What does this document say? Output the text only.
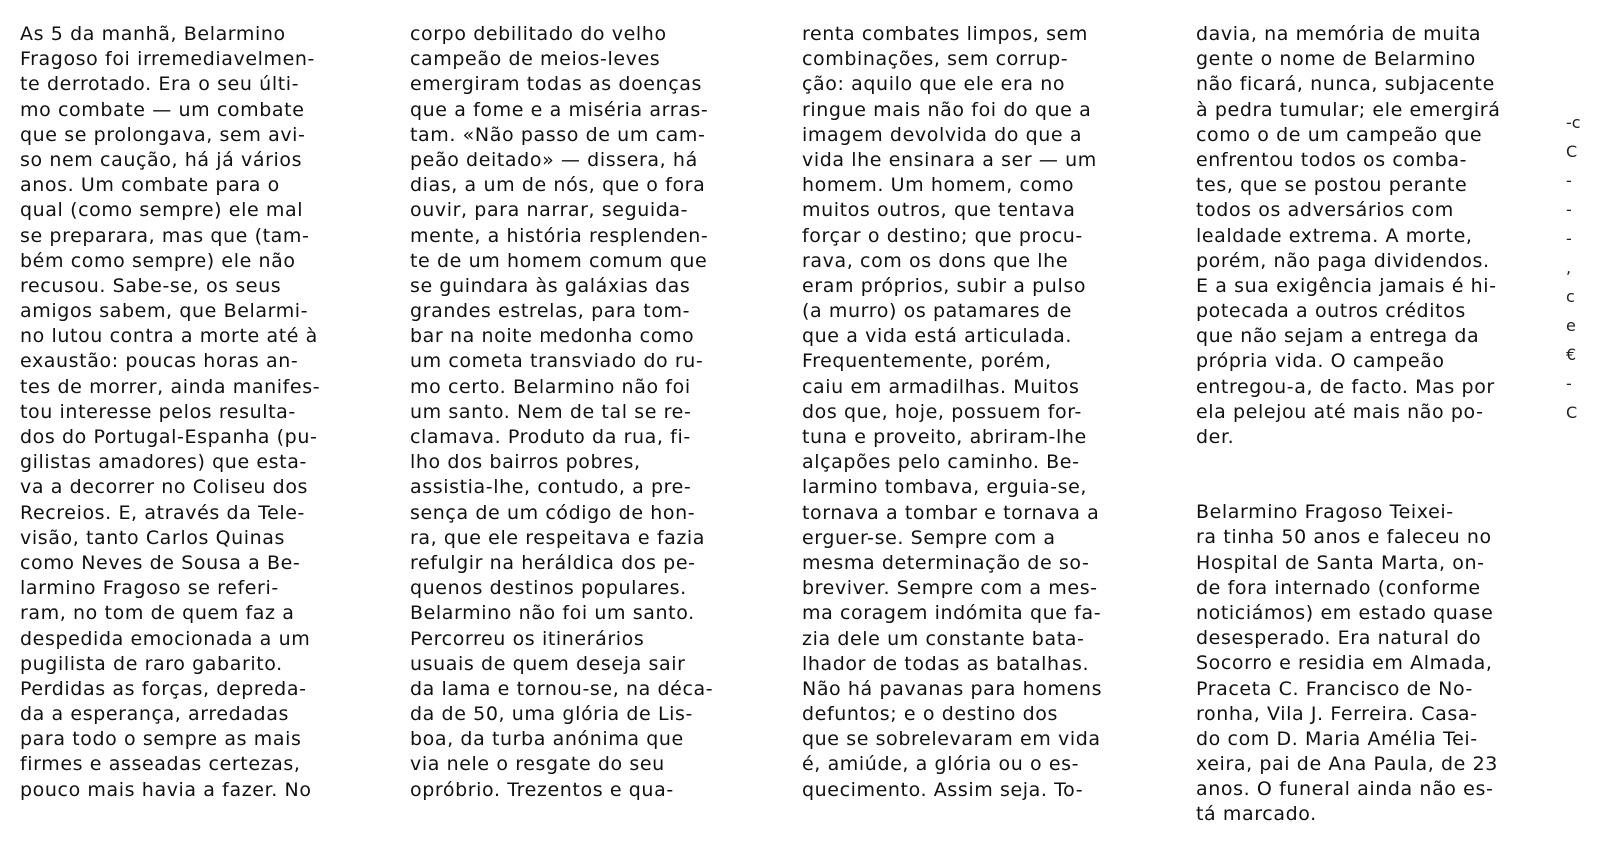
As 5 da manhã, Belarmino
Fragoso foi irremediavelmen-
te derrotado. Era o seu últi-
mo combate — um combate
que se prolongava, sem avi-
so nem caução, há já vários
anos. Um combate para o
qual (como sempre) ele mal
se preparara, mas que (tam-
bém como sempre) ele não
recusou. Sabe-se, os seus
amigos sabem, que Belarmi-
no lutou contra a morte até à
exaustão: poucas horas an-
tes de morrer, ainda manifes-
tou interesse pelos resulta-
dos do Portugal-Espanha (pu-
gilistas amadores) que esta-
va a decorrer no Coliseu dos
Recreios. E, através da Tele-
visão, tanto Carlos Quinas
como Neves de Sousa a Be-
larmino Fragoso se referi-
ram, no tom de quem faz a
despedida emocionada a um
pugilista de raro gabarito.
Perdidas as forças, depreda-
da a esperança, arredadas
para todo o sempre as mais
firmes e asseadas certezas,
pouco mais havia a fazer. No
corpo debilitado do velho
campeão de meios-leves
emergiram todas as doenças
que a fome e a miséria arras-
tam. «Não passo de um cam-
peão deitado» — dissera, há
dias, a um de nós, que o fora
ouvir, para narrar, seguida-
mente, a história resplenden-
te de um homem comum que
se guindara às galáxias das
grandes estrelas, para tom-
bar na noite medonha como
um cometa transviado do ru-
mo certo. Belarmino não foi
um santo. Nem de tal se re-
clamava. Produto da rua, fi-
lho dos bairros pobres,
assistia-lhe, contudo, a pre-
sença de um código de hon-
ra, que ele respeitava e fazia
refulgir na heráldica dos pe-
quenos destinos populares.
Belarmino não foi um santo.
Percorreu os itinerários
usuais de quem deseja sair
da lama e tornou-se, na déca-
da de 50, uma glória de Lis-
boa, da turba anónima que
via nele o resgate do seu
opróbrio. Trezentos e qua-
renta combates limpos, sem
combinações, sem corrup-
ção: aquilo que ele era no
ringue mais não foi do que a
imagem devolvida do que a
vida lhe ensinara a ser — um
homem. Um homem, como
muitos outros, que tentava
forçar o destino; que procu-
rava, com os dons que lhe
eram próprios, subir a pulso
(a murro) os patamares de
que a vida está articulada.
Frequentemente, porém,
caiu em armadilhas. Muitos
dos que, hoje, possuem for-
tuna e proveito, abriram-lhe
alçapões pelo caminho. Be-
larmino tombava, erguia-se,
tornava a tombar e tornava a
erguer-se. Sempre com a
mesma determinação de so-
breviver. Sempre com a mes-
ma coragem indómita que fa-
zia dele um constante bata-
lhador de todas as batalhas.
Não há pavanas para homens
defuntos; e o destino dos
que se sobrelevaram em vida
é, amiúde, a glória ou o es-
quecimento. Assim seja. To-
davia, na memória de muita
gente o nome de Belarmino
não ficará, nunca, subjacente
à pedra tumular; ele emergirá
como o de um campeão que
enfrentou todos os comba-
tes, que se postou perante
todos os adversários com
lealdade extrema. A morte,
porém, não paga dividendos.
E a sua exigência jamais é hi-
potecada a outros créditos
que não sejam a entrega da
própria vida. O campeão
entregou-a, de facto. Mas por
ela pelejou até mais não po-
der.
Belarmino Fragoso Teixei-
ra tinha 50 anos e faleceu no
Hospital de Santa Marta, on-
de fora internado (conforme
noticiámos) em estado quase
desesperado. Era natural do
Socorro e residia em Almada,
Praceta C. Francisco de No-
ronha, Vila J. Ferreira. Casa-
do com D. Maria Amélia Tei-
xeira, pai de Ana Paula, de 23
anos. O funeral ainda não es-
tá marcado.
-c
C
-
-
-
,
c
e
€
-
C
